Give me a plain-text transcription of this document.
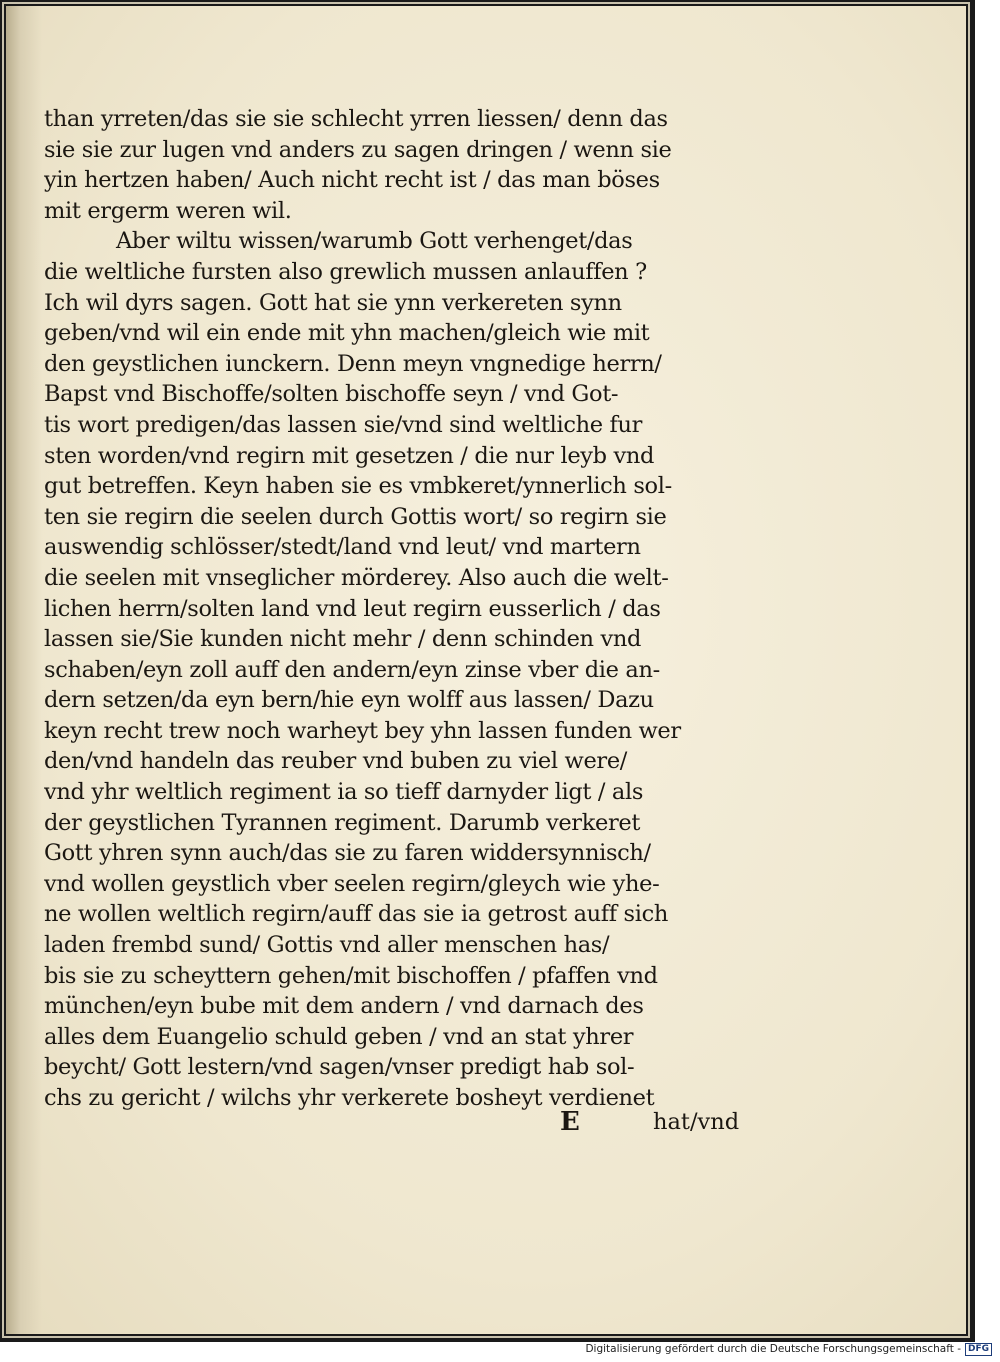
than yrreten/das sie sie schlecht yrren liessen/ denn das
sie sie zur lugen vnd anders zu sagen dringen / wenn sie
yin hertzen haben/ Auch nicht recht ist / das man böses
mit ergerm weren wil.
Aber wiltu wissen/warumb Gott verhenget/das
die weltliche fursten also grewlich mussen anlauffen ?
Ich wil dyrs sagen. Gott hat sie ynn verkereten synn
geben/vnd wil ein ende mit yhn machen/gleich wie mit
den geystlichen iunckern. Denn meyn vngnedige herrn/
Bapst vnd Bischoffe/solten bischoffe seyn / vnd Got-
tis wort predigen/das lassen sie/vnd sind weltliche fur
sten worden/vnd regirn mit gesetzen / die nur leyb vnd
gut betreffen. Keyn haben sie es vmbkeret/ynnerlich sol-
ten sie regirn die seelen durch Gottis wort/ so regirn sie
auswendig schlösser/stedt/land vnd leut/ vnd martern
die seelen mit vnseglicher mörderey. Also auch die welt-
lichen herrn/solten land vnd leut regirn eusserlich / das
lassen sie/Sie kunden nicht mehr / denn schinden vnd
schaben/eyn zoll auff den andern/eyn zinse vber die an-
dern setzen/da eyn bern/hie eyn wolff aus lassen/ Dazu
keyn recht trew noch warheyt bey yhn lassen funden wer
den/vnd handeln das reuber vnd buben zu viel were/
vnd yhr weltlich regiment ia so tieff darnyder ligt / als
der geystlichen Tyrannen regiment. Darumb verkeret
Gott yhren synn auch/das sie zu faren widdersynnisch/
vnd wollen geystlich vber seelen regirn/gleych wie yhe-
ne wollen weltlich regirn/auff das sie ia getrost auff sich
laden frembd sund/ Gottis vnd aller menschen has/
bis sie zu scheyttern gehen/mit bischoffen / pfaffen vnd
münchen/eyn bube mit dem andern / vnd darnach des
alles dem Euangelio schuld geben / vnd an stat yhrer
beycht/ Gott lestern/vnd sagen/vnser predigt hab sol-
chs zu gericht / wilchs yhr verkerete bosheyt verdienet
E	hat/vnd
Digitalisierung gefördert durch die Deutsche Forschungsgemeinschaft - DFG
